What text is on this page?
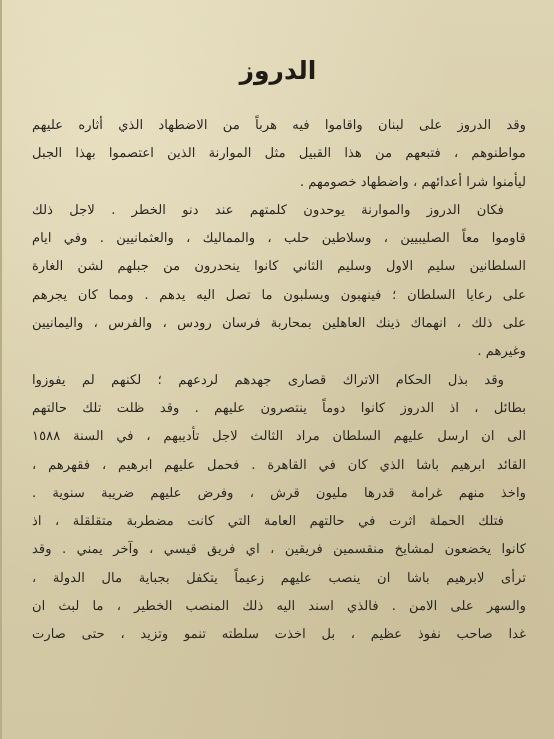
الدروز
وقد الدروز على لبنان واقاموا فيه هرباً من الاضطهاد الذي أثاره عليهم
مواطنوهم ، فتبعهم من هذا القبيل مثل الموارنة الذين اعتصموا بهذا الجبل
ليأمنوا شرا أعدائهم ، واضطهاد خصومهم .
فكان الدروز والموارنة يوحدون كلمتهم عند دنو الخطر . لاجل ذلك
قاوموا معاً الصليبيين ، وسلاطين حلب ، والمماليك ، والعثمانيين . وفي ايام
السلطانين سليم الاول وسليم الثاني كانوا ينحدرون من جبلهم لشن الغارة
على رعايا السلطان ؛ فينهبون ويسلبون ما تصل اليه يدهم . ومما كان يجرهم
على ذلك ، انهماك ذينك العاهلين بمحاربة فرسان رودس ، والفرس ، واليمانيين
وغيرهم .
وقد بذل الحكام الاتراك قصارى جهدهم لردعهم ؛ لكنهم لم يفوزوا
بطائل ، اذ الدروز كانوا دوماً ينتصرون عليهم . وقد ظلت تلك حالتهم
الى ان ارسل عليهم السلطان مراد الثالث لاجل تأديبهم ، في السنة ١٥٨٨
القائد ابرهيم باشا الذي كان في القاهرة . فحمل عليهم ابرهيم ، فقهرهم ،
واخذ منهم غرامة قدرها مليون قرش ، وفرض عليهم ضريبة سنوية .
فتلك الحملة اثرت في حالتهم العامة التي كانت مضطربة متقلقلة ، اذ
كانوا يخضعون لمشايخ منقسمين فريقين ، اي فريق قيسي ، وآخر يمني . وقد
ترأى لابرهيم باشا ان ينصب عليهم زعيماً يتكفل بجباية مال الدولة ،
والسهر على الامن . فالذي اسند اليه ذلك المنصب الخطير ، ما لبث ان
غدا صاحب نفوذ عظيم ، بل اخذت سلطته تنمو وتزيد ، حتى صارت
